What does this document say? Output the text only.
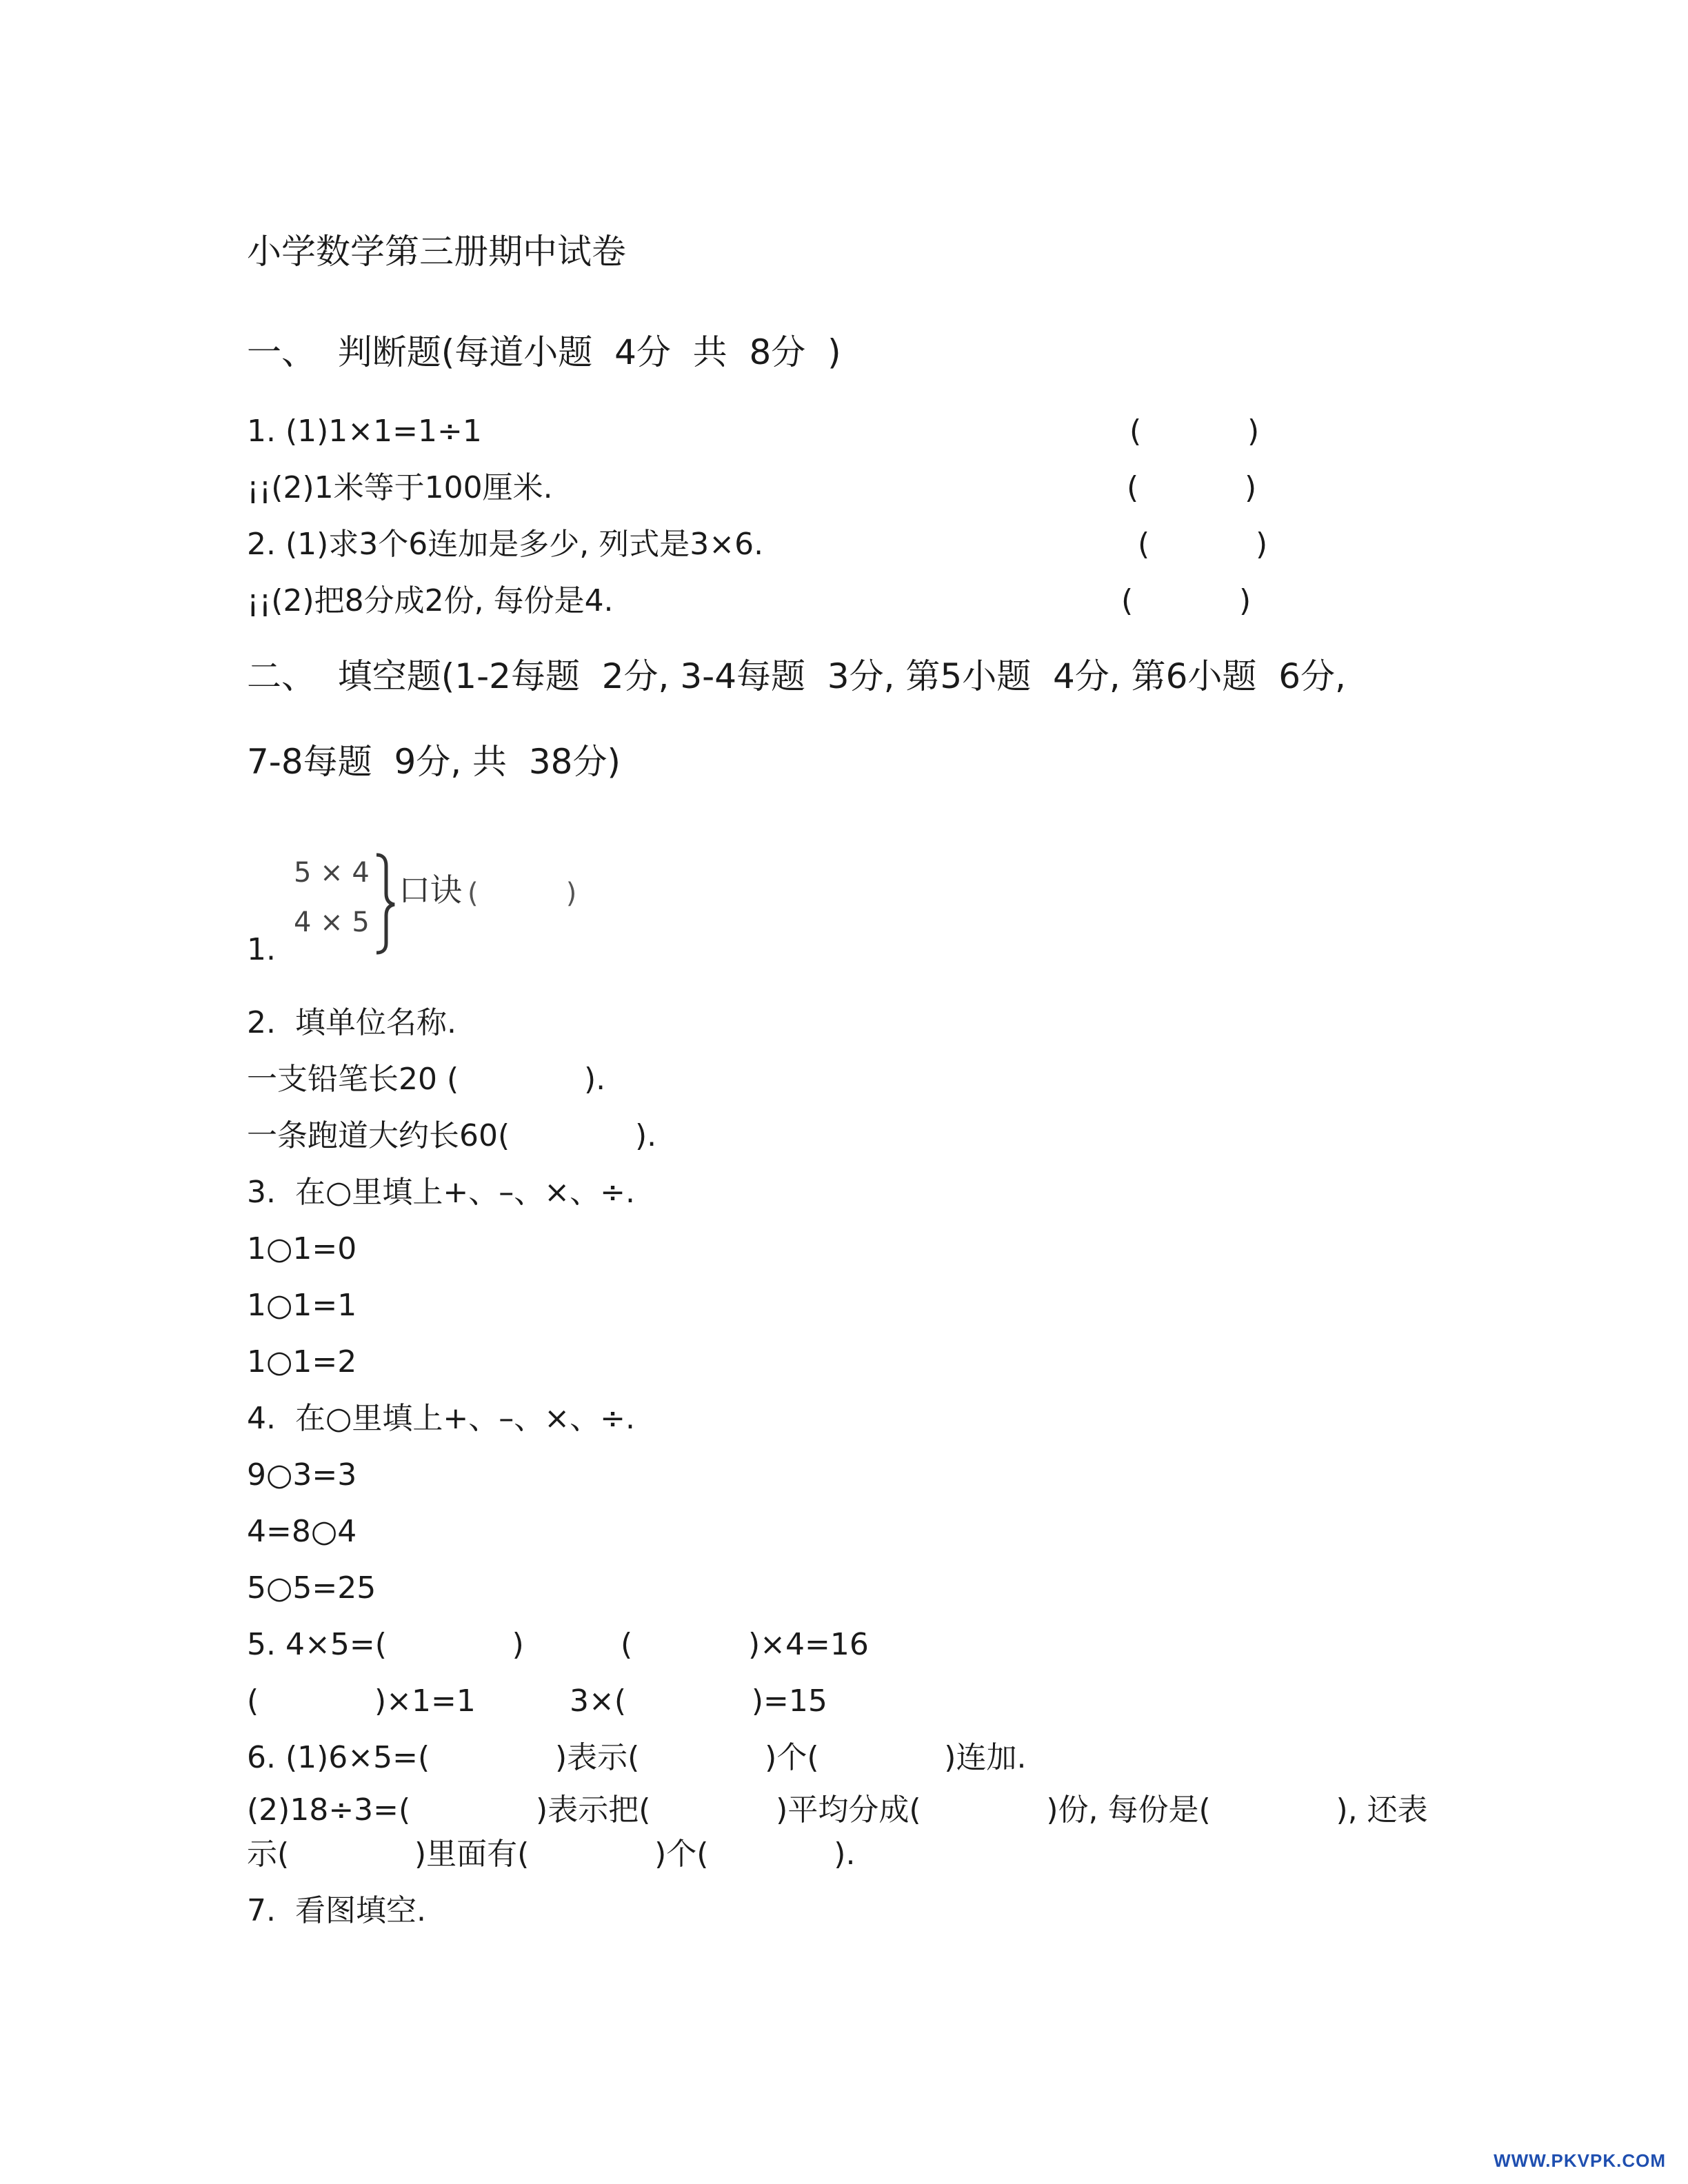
小学数学第三册期中试卷
一、  判断题(每道小题  4分  共  8分  )
1. (1)1×1=1÷1	(           )
¡¡(2)1米等于100厘米.	(           )
2. (1)求3个6连加是多少, 列式是3×6.	(           )
¡¡(2)把8分成2份, 每份是4.	(           )
二、  填空题(1-2每题  2分, 3-4每题  3分, 第5小题  4分, 第6小题  6分,
7-8每题  9分, 共  38分)
1.
5 × 4
4 × 5
口诀 (          )
2.  填单位名称.
一支铅笔长20 (             ).
一条跑道大约长60(             ).
3.  在○里填上+、–、×、÷.
1○1=0
1○1=1
1○1=2
4.  在○里填上+、–、×、÷.
9○3=3
4=8○4
5○5=25
5. 4×5=(             )	(            )×4=16
(            )×1=1	3×(             )=15
6. (1)6×5=(             )表示(             )个(             )连加.
(2)18÷3=(             )表示把(             )平均分成(             )份, 每份是(             ), 还表
示(             )里面有(             )个(             ).
7.  看图填空.
WWW.PKVPK.COM
